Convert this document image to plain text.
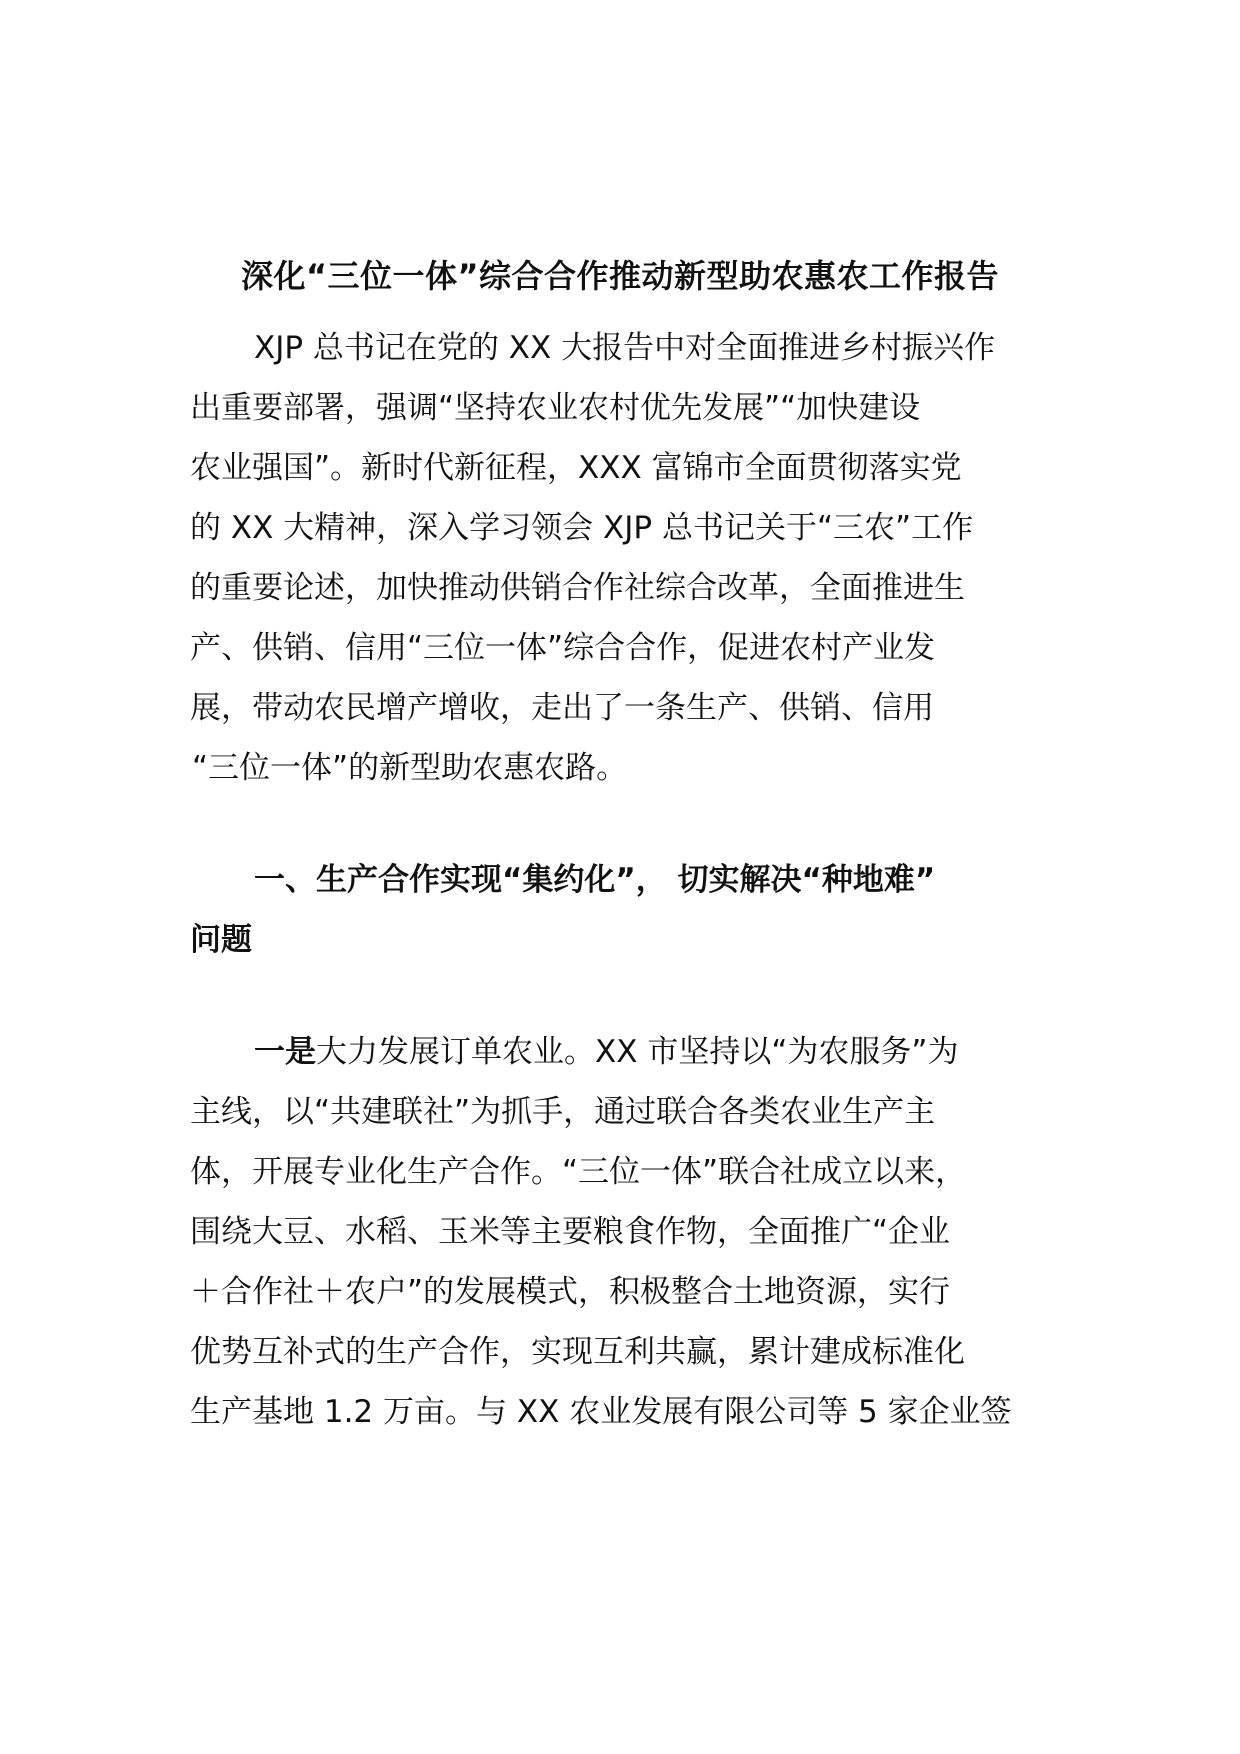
深化“三位一体”综合合作推动新型助农惠农工作报告
XJP 总书记在党的 XX 大报告中对全面推进乡村振兴作
出重要部署，强调“坚持农业农村优先发展”“加快建设
农业强国”。新时代新征程，XXX 富锦市全面贯彻落实党
的 XX 大精神，深入学习领会 XJP 总书记关于“三农”工作
的重要论述，加快推动供销合作社综合改革，全面推进生
产、供销、信用“三位一体”综合合作，促进农村产业发
展，带动农民增产增收，走出了一条生产、供销、信用
“三位一体”的新型助农惠农路。
一、生产合作实现“集约化”， 切实解决“种地难”
问题
一是大力发展订单农业。XX 市坚持以“为农服务”为
主线，以“共建联社”为抓手，通过联合各类农业生产主
体，开展专业化生产合作。“三位一体”联合社成立以来，
围绕大豆、水稻、玉米等主要粮食作物，全面推广“企业
＋合作社＋农户”的发展模式，积极整合土地资源，实行
优势互补式的生产合作，实现互利共赢，累计建成标准化
生产基地 1.2 万亩。与 XX 农业发展有限公司等 5 家企业签
